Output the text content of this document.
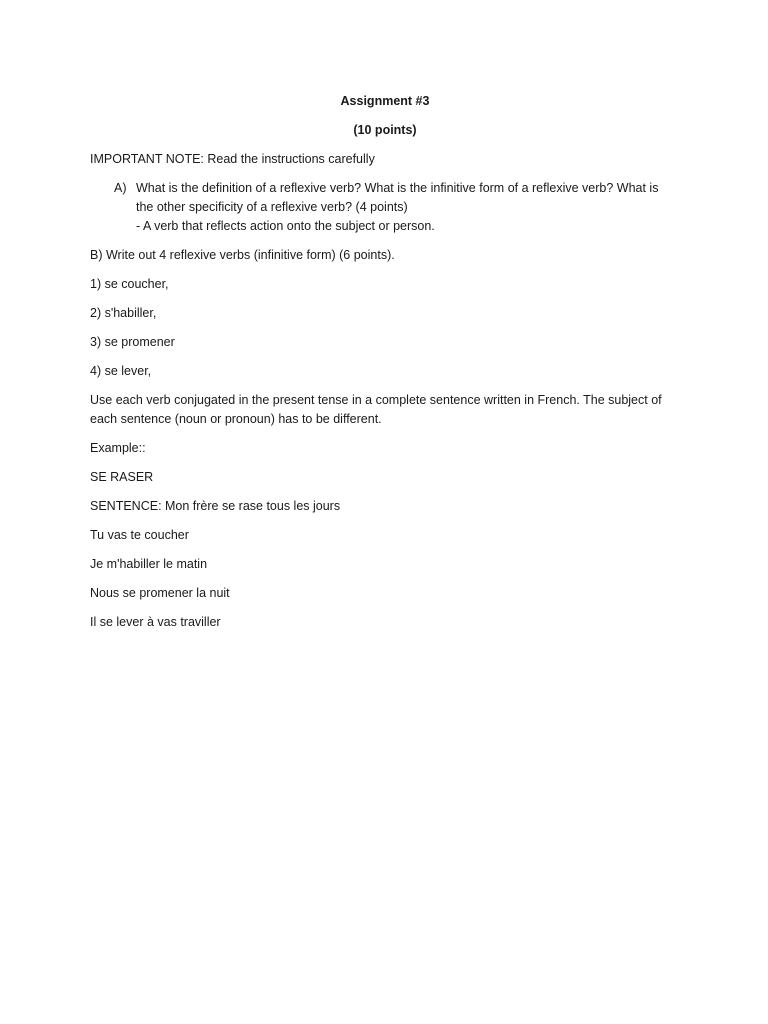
Assignment #3
(10 points)
IMPORTANT NOTE: Read the instructions carefully
A) What is the definition of a reflexive verb? What is the infinitive form of a reflexive verb? What is
the other specificity of a reflexive verb? (4 points)
- A verb that reflects action onto the subject or person.
B) Write out 4 reflexive verbs (infinitive form) (6 points).
1) se coucher,
2) s'habiller,
3) se promener
4) se lever,
Use each verb conjugated in the present tense in a complete sentence written in French. The subject of
each sentence (noun or pronoun) has to be different.
Example::
SE RASER
SENTENCE: Mon frère se rase tous les jours
Tu vas te coucher
Je m'habiller le matin
Nous se promener la nuit
Il se lever à vas traviller
